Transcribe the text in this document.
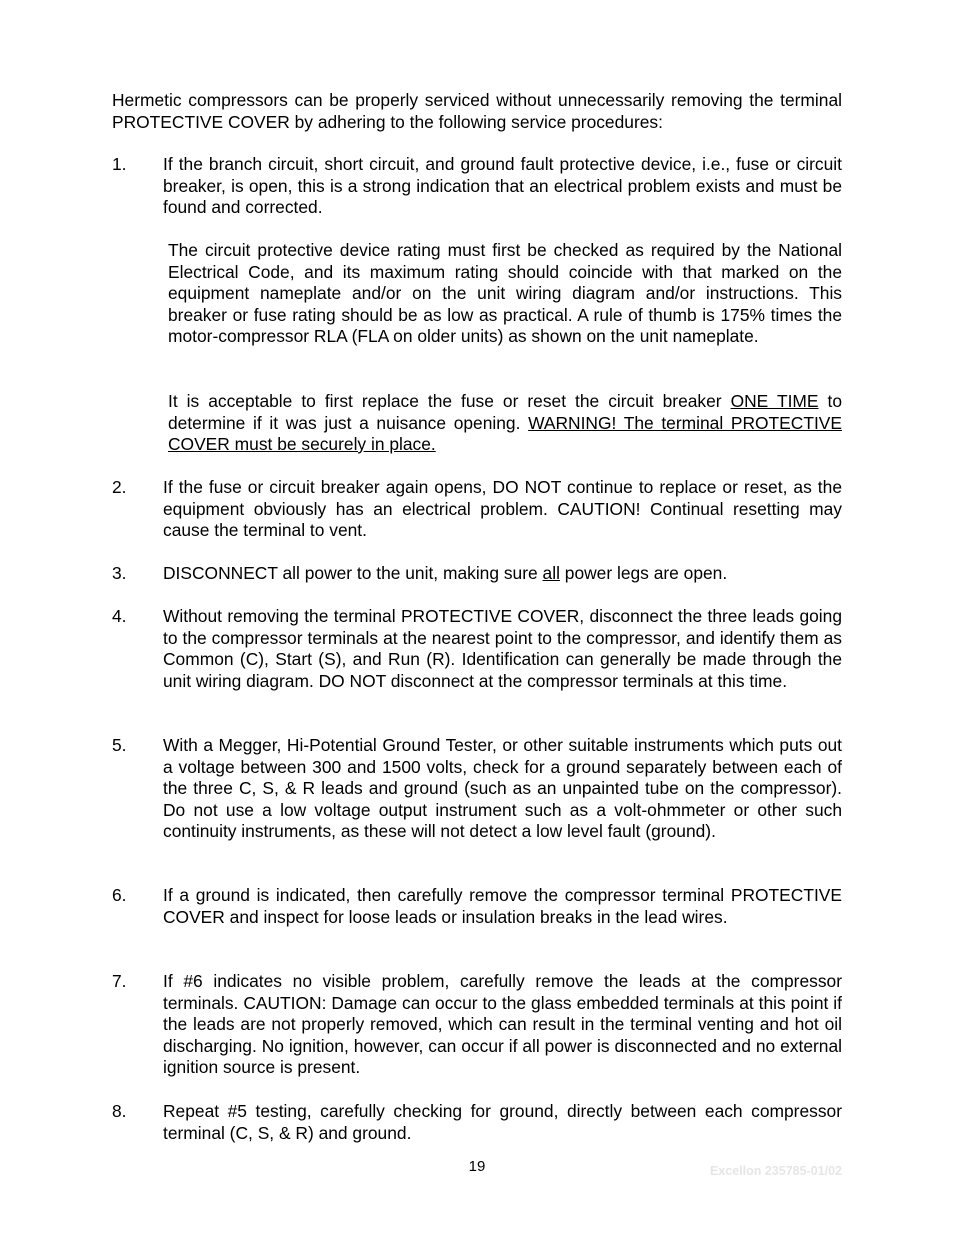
Hermetic compressors can be properly serviced without unnecessarily removing the terminal PROTECTIVE COVER by adhering to the following service procedures:

1.	If the branch circuit, short circuit, and ground fault protective device, i.e., fuse or circuit breaker, is open, this is a strong indication that an electrical problem exists and must be found and corrected.

The circuit protective device rating must first be checked as required by the National Electrical Code, and its maximum rating should coincide with that marked on the equipment nameplate and/or on the unit wiring diagram and/or instructions. This breaker or fuse rating should be as low as practical. A rule of thumb is 175% times the motor-compressor RLA (FLA on older units) as shown on the unit nameplate.

It is acceptable to first replace the fuse or reset the circuit breaker ONE TIME to determine if it was just a nuisance opening. WARNING! The terminal PROTECTIVE COVER must be securely in place.

2.	If the fuse or circuit breaker again opens, DO NOT continue to replace or reset, as the equipment obviously has an electrical problem. CAUTION! Continual resetting may cause the terminal to vent.

3.	DISCONNECT all power to the unit, making sure all power legs are open.

4.	Without removing the terminal PROTECTIVE COVER, disconnect the three leads going to the compressor terminals at the nearest point to the compressor, and identify them as Common (C), Start (S), and Run (R). Identification can generally be made through the unit wiring diagram. DO NOT disconnect at the compressor terminals at this time.

5.	With a Megger, Hi-Potential Ground Tester, or other suitable instruments which puts out a voltage between 300 and 1500 volts, check for a ground separately between each of the three C, S, & R leads and ground (such as an unpainted tube on the compressor). Do not use a low voltage output instrument such as a volt-ohmmeter or other such continuity instruments, as these will not detect a low level fault (ground).

6.	If a ground is indicated, then carefully remove the compressor terminal PROTECTIVE COVER and inspect for loose leads or insulation breaks in the lead wires.

7.	If #6 indicates no visible problem, carefully remove the leads at the compressor terminals. CAUTION: Damage can occur to the glass embedded terminals at this point if the leads are not properly removed, which can result in the terminal venting and hot oil discharging. No ignition, however, can occur if all power is disconnected and no external ignition source is present.

8.	Repeat #5 testing, carefully checking for ground, directly between each compressor terminal (C, S, & R) and ground.

19	Excellon 235785-01/02
